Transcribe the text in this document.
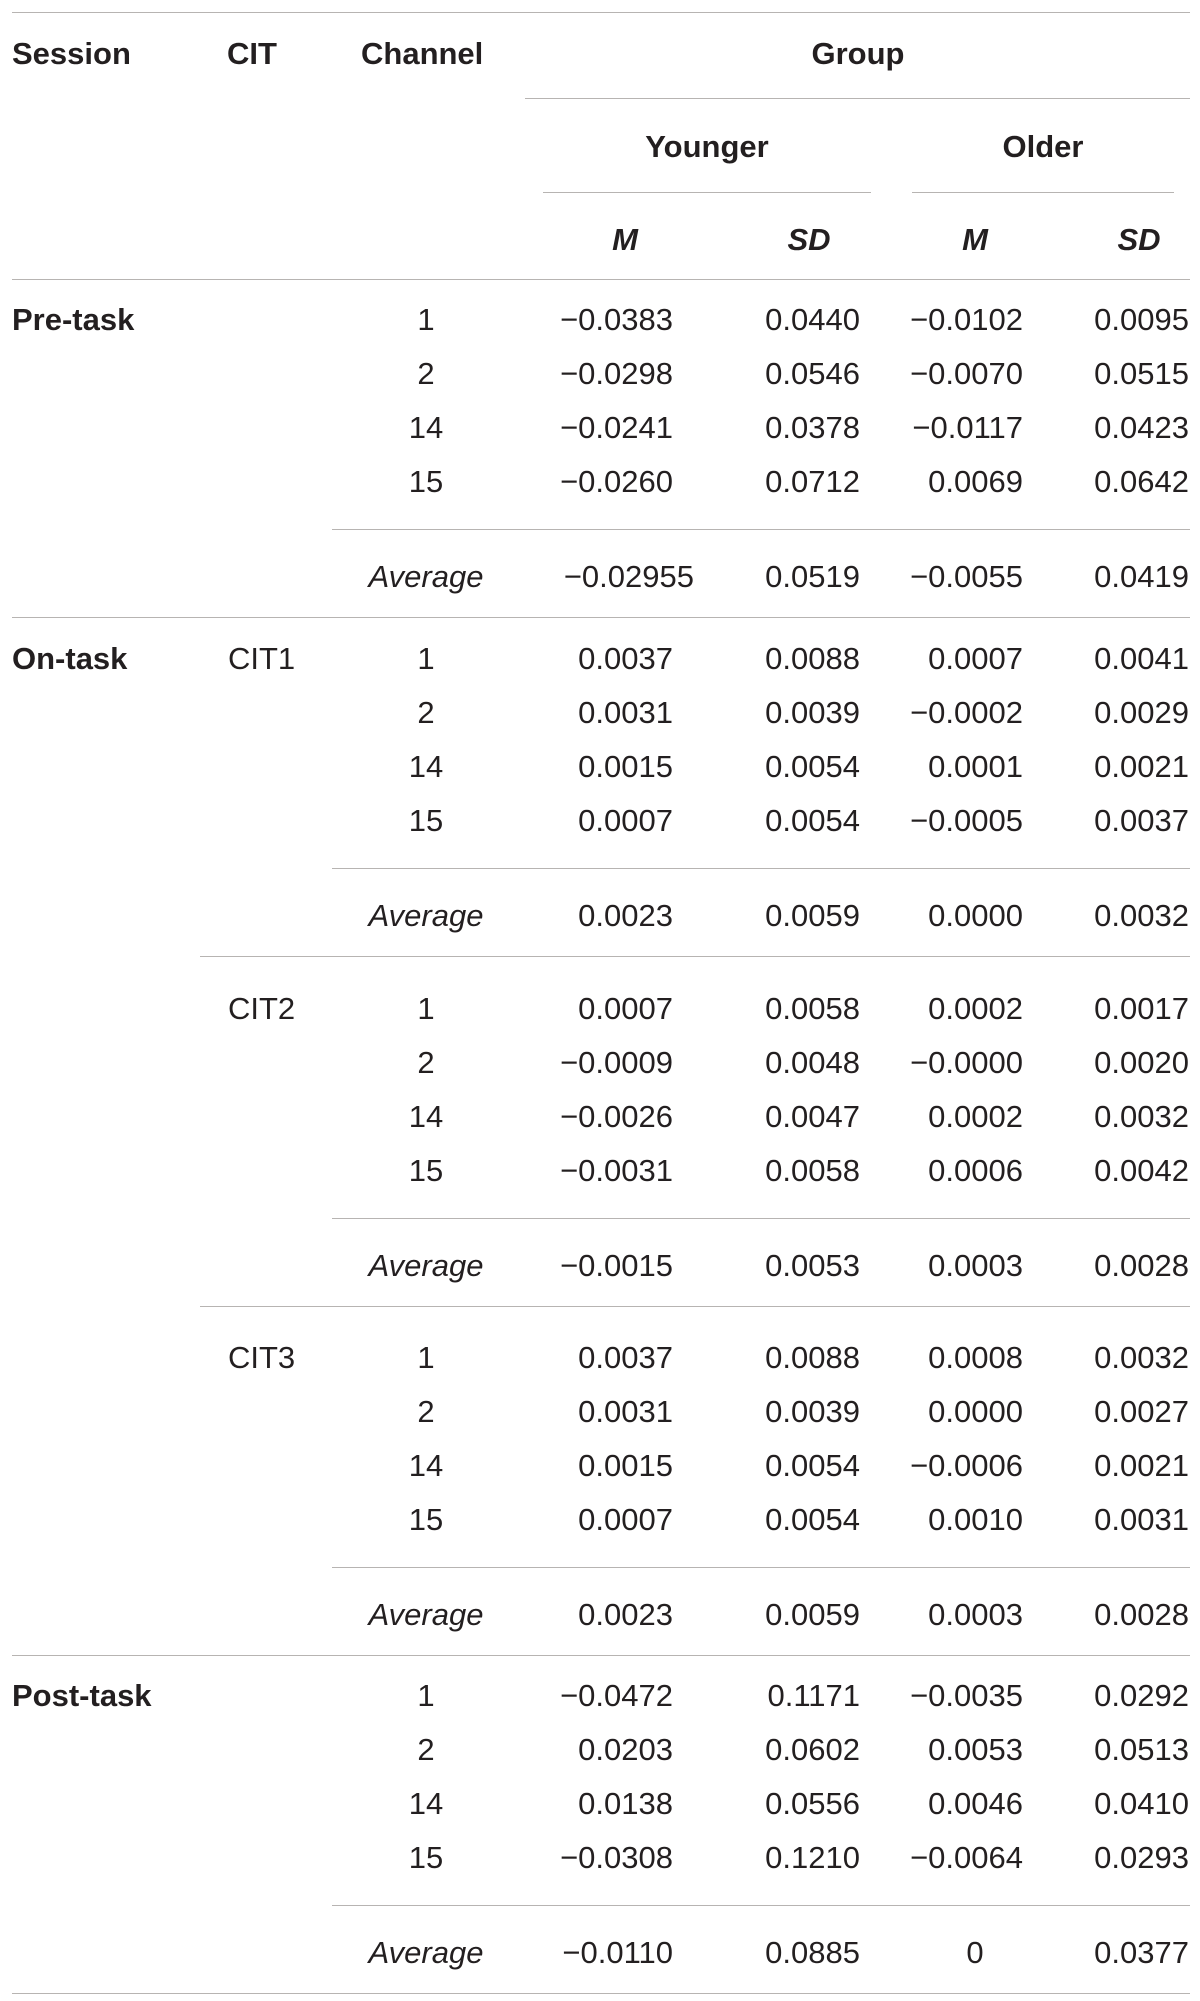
Session	CIT	Channel	Group
Younger	Older
M	SD	M	SD
Pre-task	1	−0.0383	0.0440 −0.0102 0.0095
2	−0.0298	0.0546 −0.0070 0.0515
14	−0.0241	0.0378 −0.0117 0.0423
15	−0.0260	0.0712 0.0069 0.0642
Average	−0.02955 0.0519 −0.0055 0.0419
On-task	CIT1	1	0.0037	0.0088 0.0007 0.0041
2	0.0031	0.0039 −0.0002 0.0029
14	0.0015	0.0054 0.0001 0.0021
15	0.0007	0.0054 −0.0005 0.0037
Average	0.0023	0.0059 0.0000 0.0032
CIT2	1	0.0007	0.0058 0.0002 0.0017
2	−0.0009	0.0048 −0.0000 0.0020
14	−0.0026	0.0047 0.0002 0.0032
15	−0.0031	0.0058 0.0006 0.0042
Average −0.0015	0.0053 0.0003 0.0028
CIT3	1	0.0037	0.0088 0.0008 0.0032
2	0.0031	0.0039 0.0000 0.0027
14	0.0015	0.0054 −0.0006 0.0021
15	0.0007	0.0054 0.0010 0.0031
Average	0.0023	0.0059 0.0003 0.0028
Post-task	1	−0.0472	0.1171 −0.0035 0.0292
2	0.0203	0.0602 0.0053 0.0513
14	0.0138	0.0556 0.0046 0.0410
15	−0.0308	0.1210 −0.0064 0.0293
Average	−0.0110	0.0885	0	0.0377
